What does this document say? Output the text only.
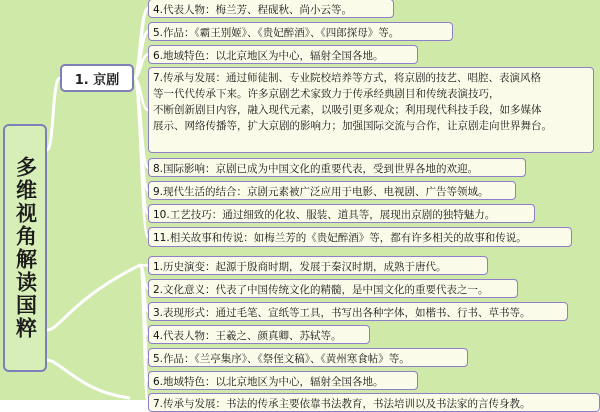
多维视角解读国粹
1. 京剧
4.代表人物：梅兰芳、程砚秋、尚小云等。
5.作品：《霸王别姬》、《贵妃醉酒》、《四郎探母》等。
6.地域特色：以北京地区为中心，辐射全国各地。
7.传承与发展：通过师徒制、专业院校培养等方式，将京剧的技艺、唱腔、表演风格
等一代代传承下来。许多京剧艺术家致力于传承经典剧目和传统表演技巧，
不断创新剧目内容，融入现代元素，以吸引更多观众；利用现代科技手段，如多媒体
展示、网络传播等，扩大京剧的影响力；加强国际交流与合作，让京剧走向世界舞台。
8.国际影响：京剧已成为中国文化的重要代表，受到世界各地的欢迎。
9.现代生活的结合：京剧元素被广泛应用于电影、电视剧、广告等领域。
10.工艺技巧：通过细致的化妆、服装、道具等，展现出京剧的独特魅力。
11.相关故事和传说：如梅兰芳的《贵妃醉酒》等，都有许多相关的故事和传说。
1.历史演变：起源于殷商时期，发展于秦汉时期，成熟于唐代。
2.文化意义：代表了中国传统文化的精髓，是中国文化的重要代表之一。
3.表现形式：通过毛笔、宣纸等工具，书写出各种字体，如楷书、行书、草书等。
4.代表人物：王羲之、颜真卿、苏轼等。
5.作品：《兰亭集序》、《祭侄文稿》、《黄州寒食帖》等。
6.地域特色：以北京地区为中心，辐射全国各地。
7.传承与发展：书法的传承主要依靠书法教育，书法培训以及书法家的言传身教。
